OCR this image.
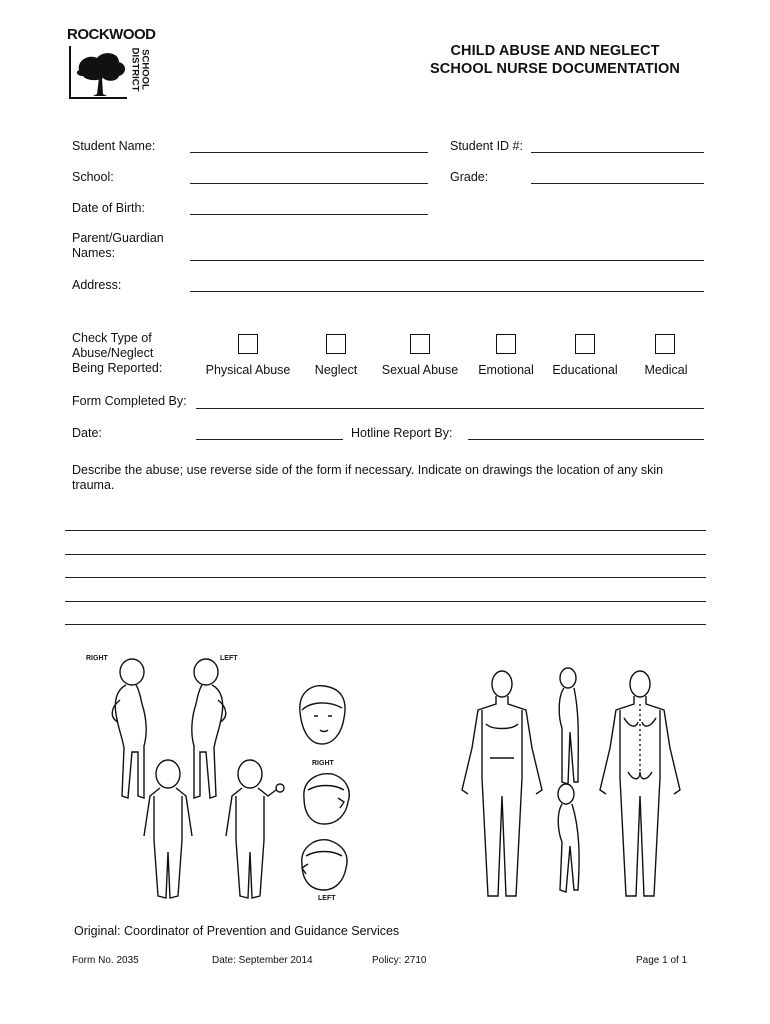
ROCKWOOD
SCHOOL
DISTRICT	CHILD ABUSE AND NEGLECT
SCHOOL NURSE DOCUMENTATION
Student Name:	Student ID #:
School:	Grade:
Date of Birth:
Parent/Guardian Names:
Address:
Check Type of Abuse/Neglect Being Reported:	Physical Abuse	Neglect	Sexual Abuse	Emotional	Educational	Medical
Form Completed By:
Date:	Hotline Report By:
Describe the abuse; use reverse side of the form if necessary. Indicate on drawings the location of any skin trauma.
RIGHT	LEFT
RIGHT
LEFT
Original: Coordinator of Prevention and Guidance Services
Form No. 2035	Date: September 2014	Policy: 2710	Page 1 of 1
